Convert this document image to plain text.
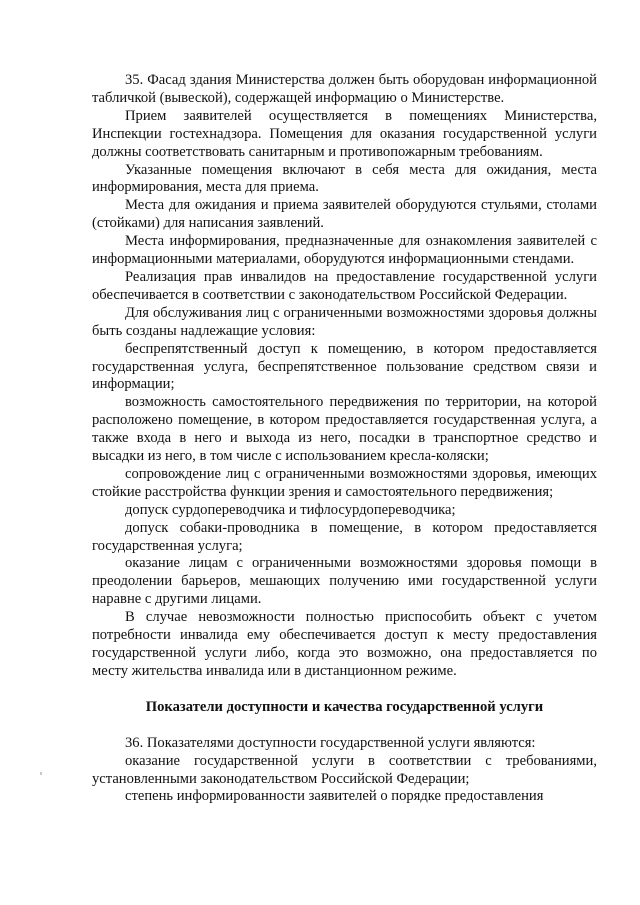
35. Фасад здания Министерства должен быть оборудован информационной табличкой (вывеской), содержащей информацию о Министерстве.

Прием заявителей осуществляется в помещениях Министерства, Инспекции гостехнадзора. Помещения для оказания государственной услуги должны соответствовать санитарным и противопожарным требованиям.

Указанные помещения включают в себя места для ожидания, места информирования, места для приема.

Места для ожидания и приема заявителей оборудуются стульями, столами (стойками) для написания заявлений.

Места информирования, предназначенные для ознакомления заявителей с информационными материалами, оборудуются информационными стендами.

Реализация прав инвалидов на предоставление государственной услуги обеспечивается в соответствии с законодательством Российской Федерации.

Для обслуживания лиц с ограниченными возможностями здоровья должны быть созданы надлежащие условия:

беспрепятственный доступ к помещению, в котором предоставляется государственная услуга, беспрепятственное пользование средством связи и информации;

возможность самостоятельного передвижения по территории, на которой расположено помещение, в котором предоставляется государственная услуга, а также входа в него и выхода из него, посадки в транспортное средство и высадки из него, в том числе с использованием кресла-коляски;

сопровождение лиц с ограниченными возможностями здоровья, имеющих стойкие расстройства функции зрения и самостоятельного передвижения;

допуск сурдопереводчика и тифлосурдопереводчика;

допуск собаки-проводника в помещение, в котором предоставляется государственная услуга;

оказание лицам с ограниченными возможностями здоровья помощи в преодолении барьеров, мешающих получению ими государственной услуги наравне с другими лицами.

В случае невозможности полностью приспособить объект с учетом потребности инвалида ему обеспечивается доступ к месту предоставления государственной услуги либо, когда это возможно, она предоставляется по месту жительства инвалида или в дистанционном режиме.

Показатели доступности и качества государственной услуги

36. Показателями доступности государственной услуги являются:

оказание государственной услуги в соответствии с требованиями, установленными законодательством Российской Федерации;

степень информированности заявителей о порядке предоставления
